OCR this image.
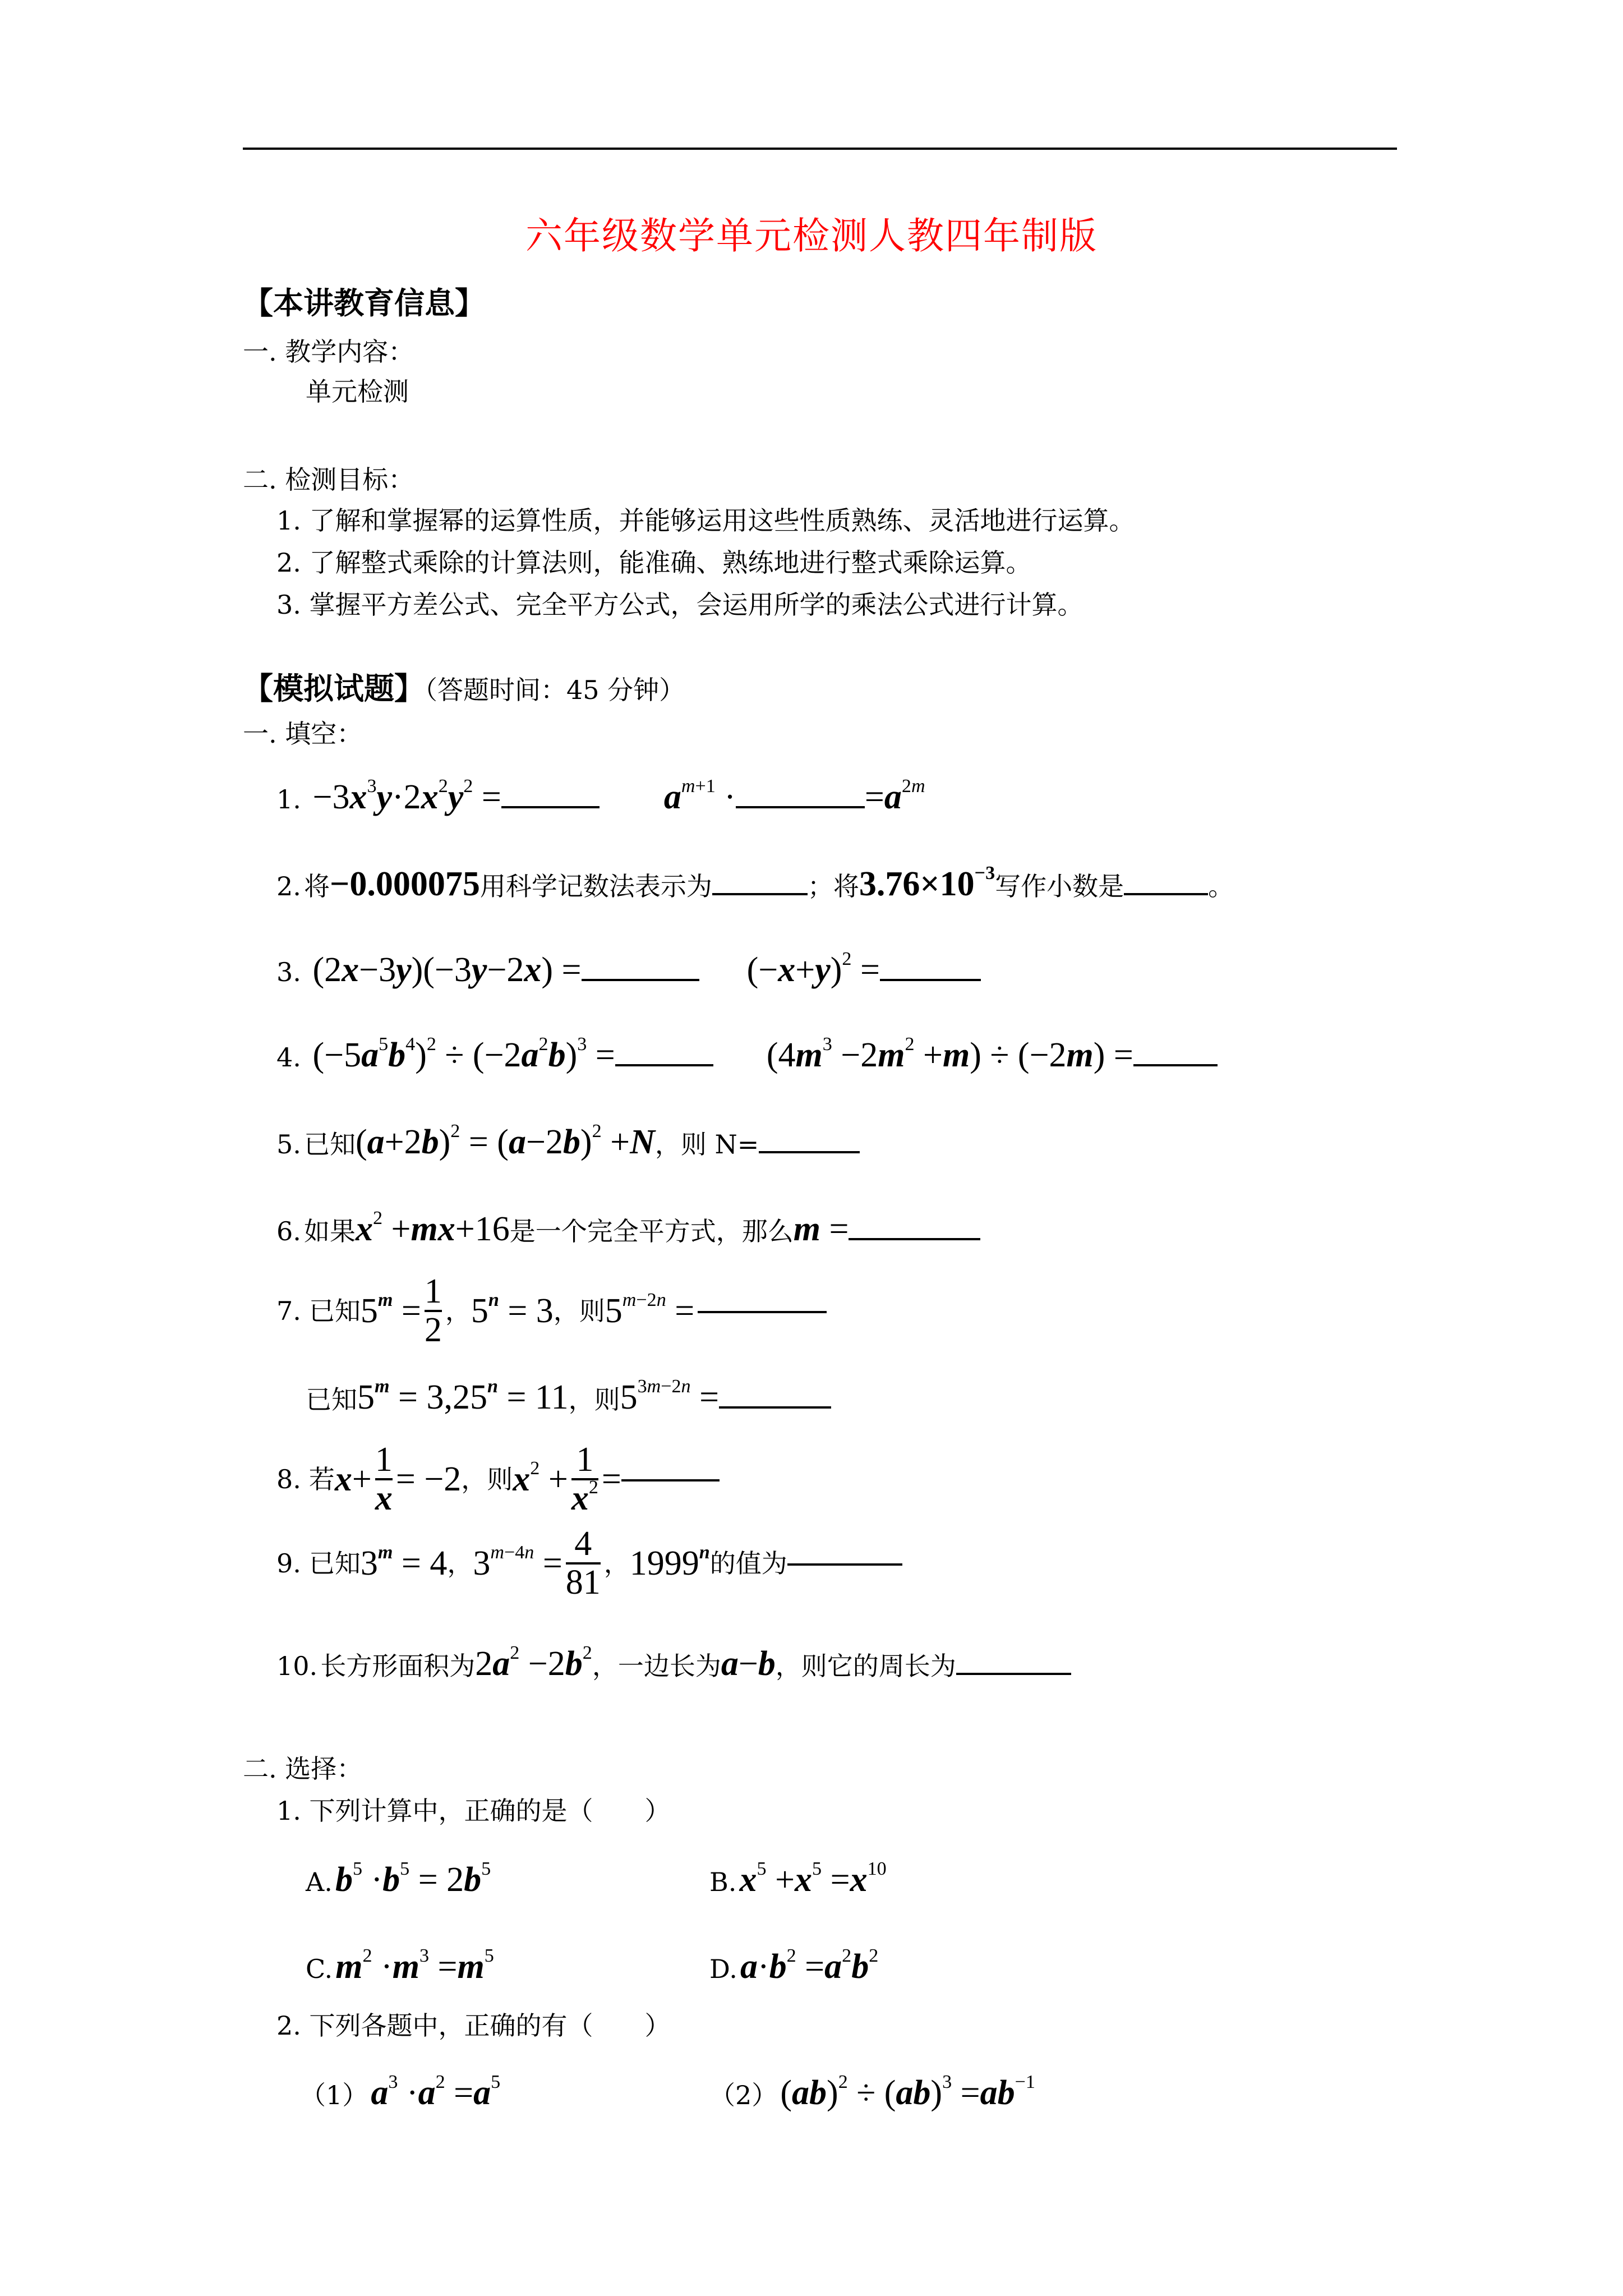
六年级数学单元检测人教四年制版
【本讲教育信息】
一. 教学内容：
单元检测
二. 检测目标：
1. 了解和掌握幂的运算性质，并能够运用这些性质熟练、灵活地进行运算。
2. 了解整式乘除的计算法则，能准确、熟练地进行整式乘除运算。
3. 掌握平方差公式、完全平方公式，会运用所学的乘法公式进行计算。
【模拟试题】（答题时间：45 分钟）
一. 填空：
1.  $-3x^3y\cdot 2x^2y^2$ =	$a^{m+1}$ ·	$=a^{2m}$
2. 将−0.000075用科学记数法表示为	；将$3.76\times 10^{-3}$写作小数是	。
3.  (2x−3y)(−3y−2x) =	$(-x+y)^2$ =
4.  $(-5a^5b^4)^2 \div (-2a^2b)^3$ =	$(4m^3 -2m^2 +m) \div (-2m)$ =
5. 已知$(a+2b)^2 = (a-2b)^2 +N$，则 N=
6. 如果$x^2 +mx+16$是一个完全平方式，那么m =
7. 已知 $5^m = \frac{1}{2}$ ， $5^n = 3$ ，则 $5^{m-2n}$ =
已知$5^m = 3,25^n = 11$，则$5^{3m-2n}$ =
8. 若 $x+ \frac{1}{x} = -2$ ，则 $x^2 + \frac{1}{x^2}$ =
9. 已知 $3^m = 4$ ， $3^{m-4n} = \frac{4}{81}$ ， 1999$^n$ 的值为
10. 长方形面积为$2a^2 -2b^2$，一边长为a−b，则它的周长为
二. 选择：
1. 下列计算中，正确的是（　　）
A. $b^5 \cdot b^5 = 2b^5$	B. $x^5 +x^5 =x^{10}$
C. $m^2 \cdot m^3 =m^5$	D. $a\cdot b^2 =a^2b^2$
2. 下列各题中，正确的有（　　）
（1） $a^3 \cdot a^2 =a^5$	（2） $(ab)^2 \div (ab)^3 =ab^{-1}$
